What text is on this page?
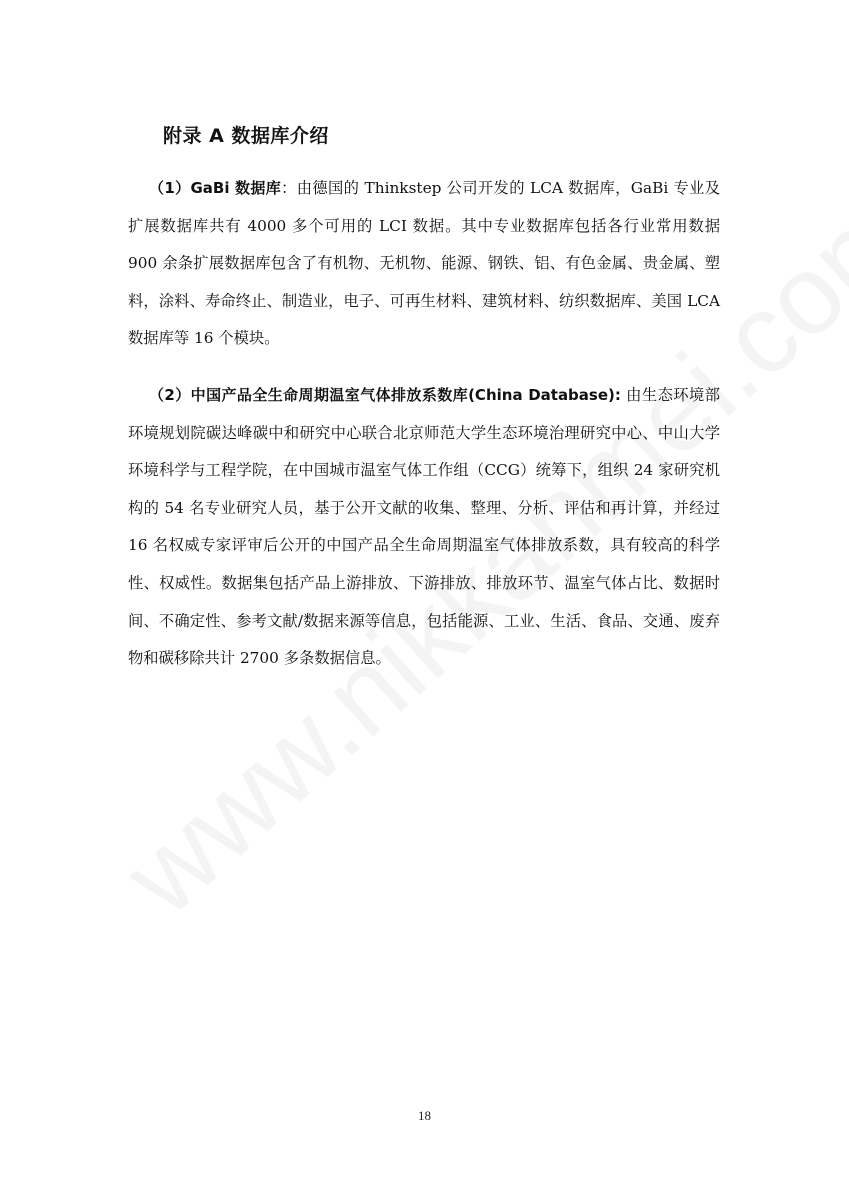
附录 A 数据库介绍

（1）GaBi 数据库：由德国的 Thinkstep 公司开发的 LCA 数据库，GaBi 专业及扩展数据库共有 4000 多个可用的 LCI 数据。其中专业数据库包括各行业常用数据 900 余条扩展数据库包含了有机物、无机物、能源、钢铁、铝、有色金属、贵金属、塑料，涂料、寿命终止、制造业，电子、可再生材料、建筑材料、纺织数据库、美国 LCA 数据库等 16 个模块。

（2）中国产品全生命周期温室气体排放系数库(China Database): 由生态环境部环境规划院碳达峰碳中和研究中心联合北京师范大学生态环境治理研究中心、中山大学环境科学与工程学院，在中国城市温室气体工作组（CCG）统筹下，组织 24 家研究机构的 54 名专业研究人员，基于公开文献的收集、整理、分析、评估和再计算，并经过 16 名权威专家评审后公开的中国产品全生命周期温室气体排放系数，具有较高的科学性、权威性。数据集包括产品上游排放、下游排放、排放环节、温室气体占比、数据时间、不确定性、参考文献/数据来源等信息，包括能源、工业、生活、食品、交通、废弃物和碳移除共计 2700 多条数据信息。

18
